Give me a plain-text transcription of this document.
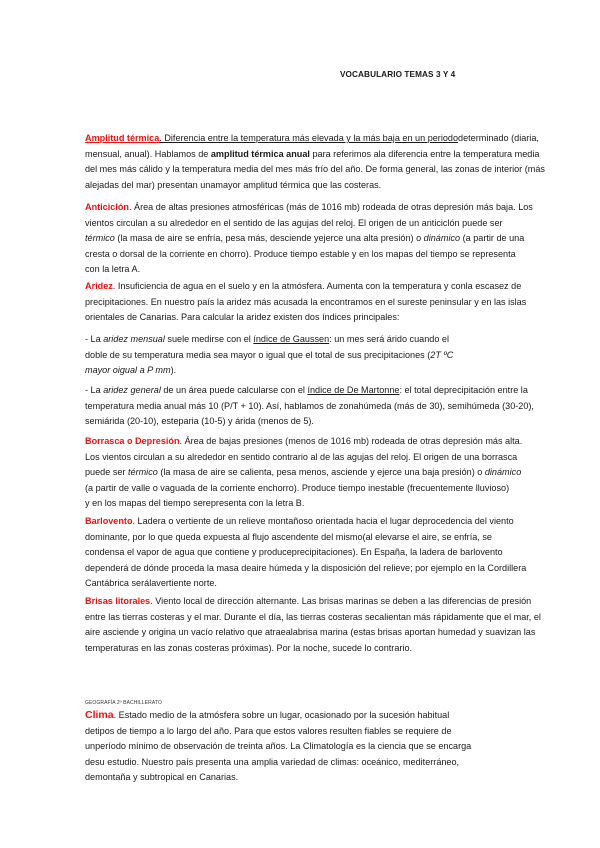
VOCABULARIO TEMAS 3 Y 4
Amplitud térmica. Diferencia entre la temperatura más elevada y la más baja en un periododeterminado (diaria,
mensual, anual). Hablamos de amplitud térmica anual para referimos ala diferencia entre la temperatura media
del mes más cálido y la temperatura media del mes más frío del año. De forma general, las zonas de interior (más
alejadas del mar) presentan unamayor amplitud térmica que las costeras.
Anticiclón. Área de altas presiones atmosféricas (más de 1016 mb) rodeada de otras depresión más baja. Los
vientos circulan a su alrededor en el sentido de las agujas del reloj. El origen de un anticiclón puede ser
térmico (la masa de aire se enfría, pesa más, desciende yejerce una alta presión) o dinámico (a partir de una
cresta o dorsal de la corriente en chorro). Produce tiempo estable y en los mapas del tiempo se representa
con la letra A.
Aridez. Insuficiencia de agua en el suelo y en la atmósfera. Aumenta con la temperatura y conla escasez de
precipitaciones. En nuestro país la aridez más acusada la encontramos en el sureste peninsular y en las islas
orientales de Canarias. Para calcular la aridez existen dos índices principales:
- La aridez mensual suele medirse con el índice de Gaussen: un mes será árido cuando el
doble de su temperatura media sea mayor o igual que el total de sus precipitaciones (2T ºC
mayor oigual a P mm).
- La aridez general de un área puede calcularse con el índice de De Martonne: el total deprecipitación entre la
temperatura media anual más 10 (P/T + 10). Así, hablamos de zonahúmeda (más de 30), semihúmeda (30-20),
semiárida (20-10), esteparia (10-5) y árida (menos de 5).
Borrasca o Depresión. Área de bajas presiones (menos de 1016 mb) rodeada de otras depresión más alta.
Los vientos circulan a su alrededor en sentido contrario al de las agujas del reloj. El origen de una borrasca
puede ser térmico (la masa de aire se calienta, pesa menos, asciende y ejerce una baja presión) o dinámico
(a partir de valle o vaguada de la corriente enchorro). Produce tiempo inestable (frecuentemente lluvioso)
y en los mapas del tiempo serepresenta con la letra B.
Barlovento. Ladera o vertiente de un relieve montañoso orientada hacia el lugar deprocedencia del viento
dominante, por lo que queda expuesta al flujo ascendente del mismo(al elevarse el aire, se enfría, se
condensa el vapor de agua que contiene y produceprecipitaciones). En España, la ladera de barlovento
dependerá de dónde proceda la masa deaire húmeda y la disposición del relieve; por ejemplo en la Cordillera
Cantábrica serálavertiente norte.
Brisas litorales. Viento local de dirección alternante. Las brisas marinas se deben a las diferencias de presión
entre las tierras costeras y el mar. Durante el día, las tierras costeras secalientan más rápidamente que el mar, el
aire asciende y origina un vacío relativo que atraealabrisa marina (estas brisas aportan humedad y suavizan las
temperaturas en las zonas costeras próximas). Por la noche, sucede lo contrario.
GEOGRAFÍA 2º BACHILLERATO
Clima. Estado medio de la atmósfera sobre un lugar, ocasionado por la sucesión habitual
detipos de tiempo a lo largo del año. Para que estos valores resulten fiables se requiere de
unperíodo mínimo de observación de treinta años. La Climatología es la ciencia que se encarga
desu estudio. Nuestro país presenta una amplia variedad de climas: oceánico, mediterráneo,
demontaña y subtropical en Canarias.
